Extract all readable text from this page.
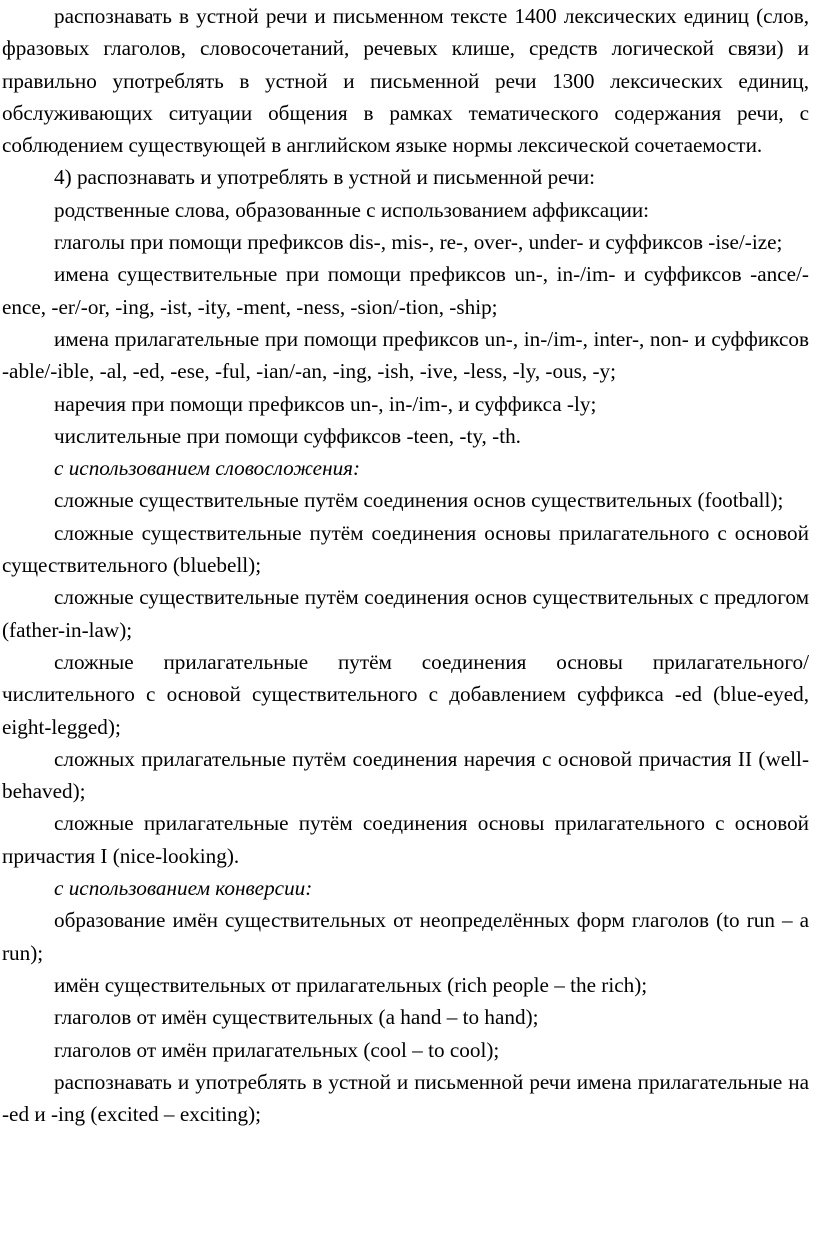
распознавать в устной речи и письменном тексте 1400 лексических единиц (слов, фразовых глаголов, словосочетаний, речевых клише, средств логической связи) и правильно употреблять в устной и письменной речи 1300 лексических единиц, обслуживающих ситуации общения в рамках тематического содержания речи, с соблюдением существующей в английском языке нормы лексической сочетаемости.

4) распознавать и употреблять в устной и письменной речи:

родственные слова, образованные с использованием аффиксации:

глаголы при помощи префиксов dis-, mis-, re-, over-, under- и суффиксов -ise/-ize;

имена существительные при помощи префиксов un-, in-/im- и суффиксов -ance/-ence, -er/-or, -ing, -ist, -ity, -ment, -ness, -sion/-tion, -ship;

имена прилагательные при помощи префиксов un-, in-/im-, inter-, non- и суффиксов -able/-ible, -al, -ed, -ese, -ful, -ian/-an, -ing, -ish, -ive, -less, -ly, -ous, -y;

наречия при помощи префиксов un-, in-/im-, и суффикса -ly;

числительные при помощи суффиксов -teen, -ty, -th.

с использованием словосложения:

сложные существительные путём соединения основ существительных (football);

сложные существительные путём соединения основы прилагательного с основой существительного (bluebell);

сложные существительные путём соединения основ существительных с предлогом (father-in-law);

сложные прилагательные путём соединения основы прилагательного/числительного с основой существительного с добавлением суффикса -ed (blue-eyed, eight-legged);

сложных прилагательные путём соединения наречия с основой причастия II (well-behaved);

сложные прилагательные путём соединения основы прилагательного с основой причастия I (nice-looking).

с использованием конверсии:

образование имён существительных от неопределённых форм глаголов (to run – a run);

имён существительных от прилагательных (rich people – the rich);

глаголов от имён существительных (a hand – to hand);

глаголов от имён прилагательных (cool – to cool);

распознавать и употреблять в устной и письменной речи имена прилагательные на -ed и -ing (excited – exciting);
